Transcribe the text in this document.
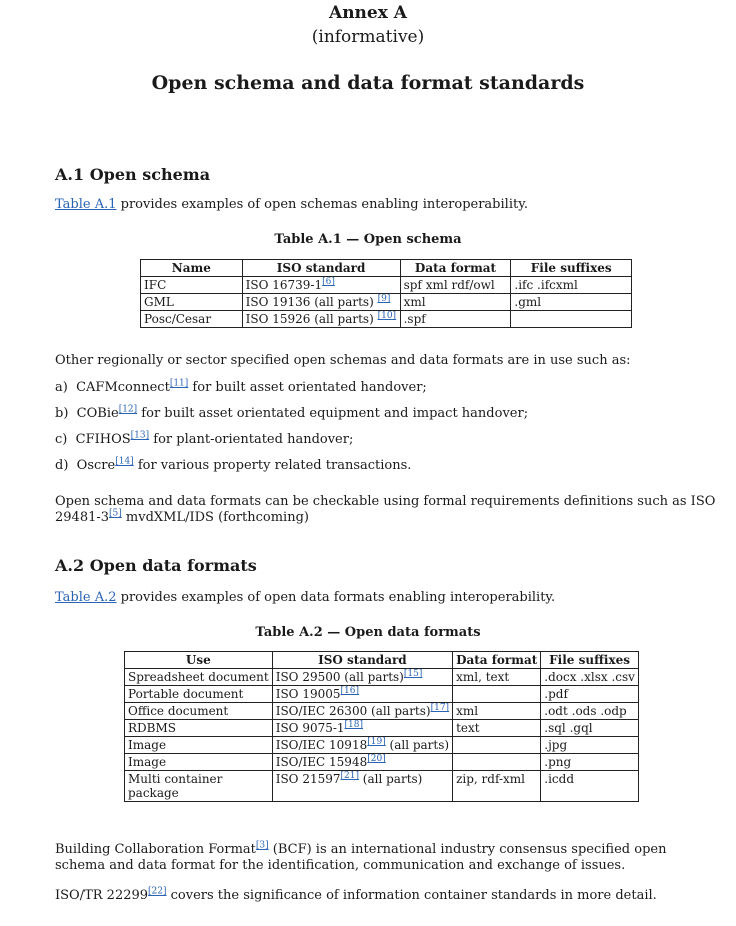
Annex A
(informative)
Open schema and data format standards
A.1 Open schema
Table A.1 provides examples of open schemas enabling interoperability.
Table A.1 — Open schema
Name	ISO standard	Data format	File suffixes
IFC	ISO 16739-1[6]	spf xml rdf/owl	.ifc .ifcxml
GML	ISO 19136 (all parts) [9]	xml	.gml
Posc/Cesar	ISO 15926 (all parts) [10]	.spf	
Other regionally or sector specified open schemas and data formats are in use such as:
a) CAFMconnect[11] for built asset orientated handover;
b) COBie[12] for built asset orientated equipment and impact handover;
c) CFIHOS[13] for plant-orientated handover;
d) Oscre[14] for various property related transactions.
Open schema and data formats can be checkable using formal requirements definitions such as ISO 29481-3[5] mvdXML/IDS (forthcoming)
A.2 Open data formats
Table A.2 provides examples of open data formats enabling interoperability.
Table A.2 — Open data formats
Use	ISO standard	Data format	File suffixes
Spreadsheet document	ISO 29500 (all parts)[15]	xml, text	.docx .xlsx .csv
Portable document	ISO 19005[16]		.pdf
Office document	ISO/IEC 26300 (all parts)[17]	xml	.odt .ods .odp
RDBMS	ISO 9075-1[18]	text	.sql .gql
Image	ISO/IEC 10918[19] (all parts)		.jpg
Image	ISO/IEC 15948[20]		.png
Multi container package	ISO 21597[21] (all parts)	zip, rdf-xml	.icdd
Building Collaboration Format[3] (BCF) is an international industry consensus specified open schema and data format for the identification, communication and exchange of issues.
ISO/TR 22299[22] covers the significance of information container standards in more detail.
